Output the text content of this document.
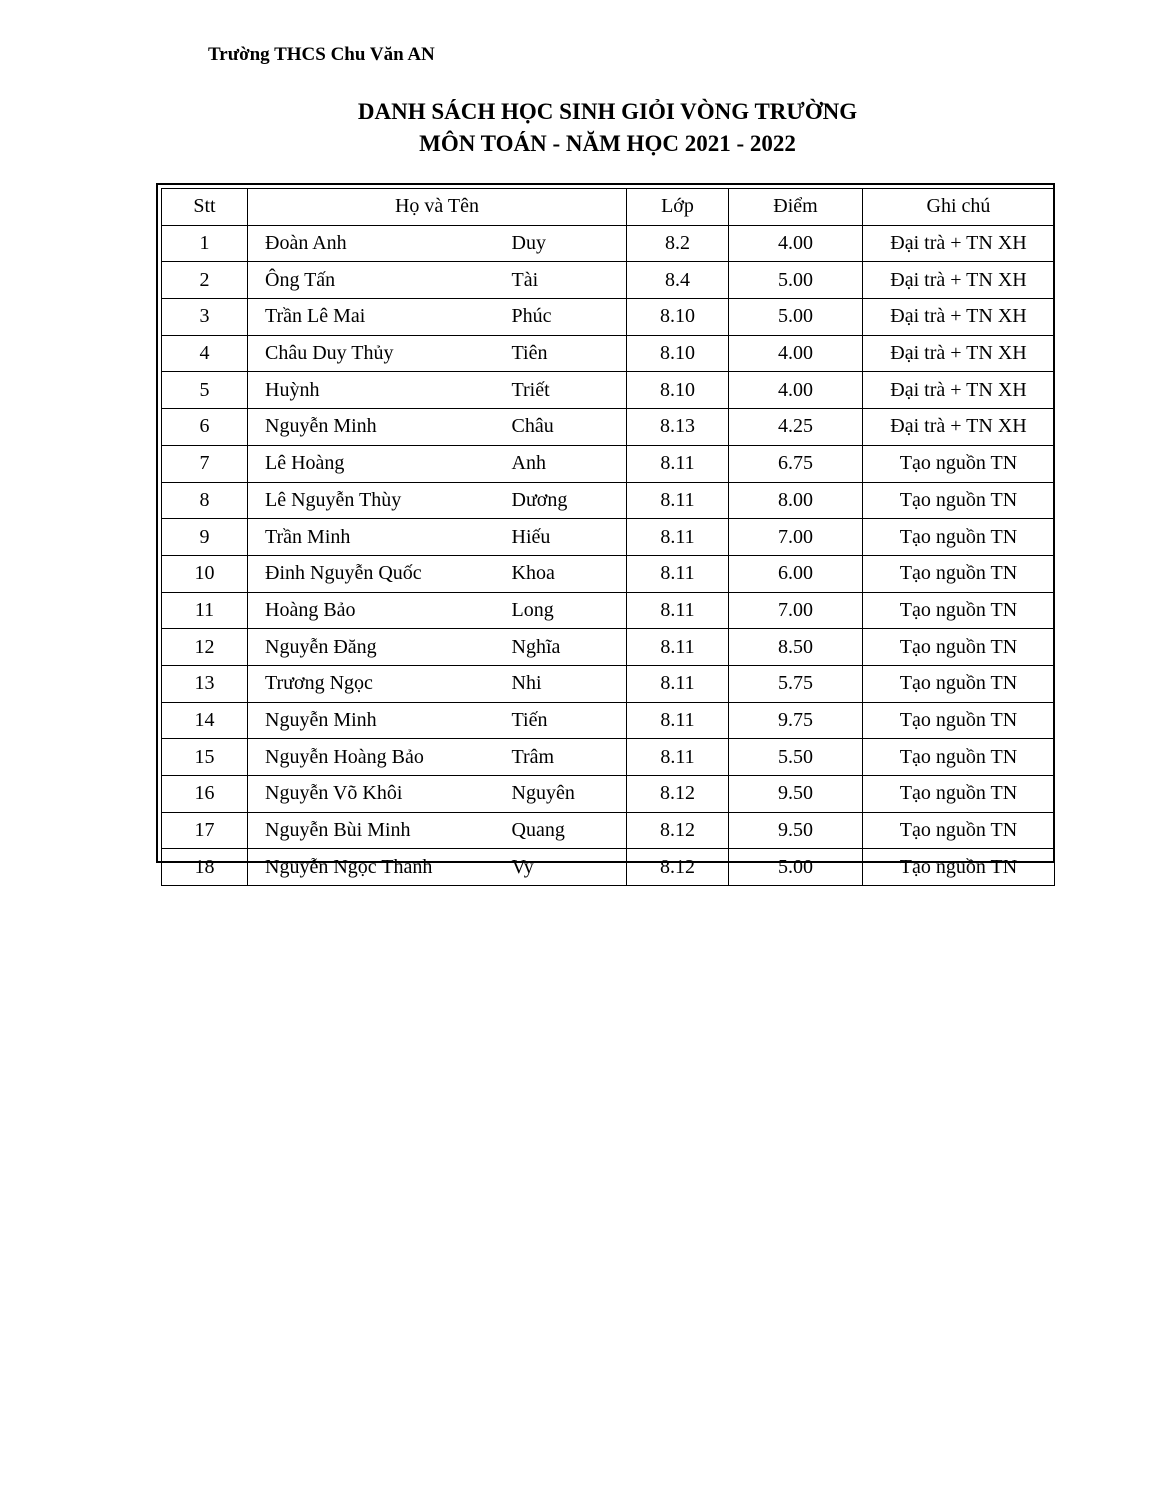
Trường THCS Chu Văn AN
DANH SÁCH HỌC SINH GIỎI VÒNG TRƯỜNG
MÔN TOÁN - NĂM HỌC 2021 - 2022
Stt	Họ và Tên		Lớp	Điểm	Ghi chú
1	Đoàn Anh	Duy	8.2	4.00	Đại trà + TN XH
2	Ông Tấn	Tài	8.4	5.00	Đại trà + TN XH
3	Trần Lê Mai	Phúc	8.10	5.00	Đại trà + TN XH
4	Châu Duy Thủy	Tiên	8.10	4.00	Đại trà + TN XH
5	Huỳnh	Triết	8.10	4.00	Đại trà + TN XH
6	Nguyễn Minh	Châu	8.13	4.25	Đại trà + TN XH
7	Lê Hoàng	Anh	8.11	6.75	Tạo nguồn TN
8	Lê Nguyễn Thùy	Dương	8.11	8.00	Tạo nguồn TN
9	Trần Minh	Hiếu	8.11	7.00	Tạo nguồn TN
10	Đinh Nguyễn Quốc	Khoa	8.11	6.00	Tạo nguồn TN
11	Hoàng Bảo	Long	8.11	7.00	Tạo nguồn TN
12	Nguyễn Đăng	Nghĩa	8.11	8.50	Tạo nguồn TN
13	Trương Ngọc	Nhi	8.11	5.75	Tạo nguồn TN
14	Nguyễn Minh	Tiến	8.11	9.75	Tạo nguồn TN
15	Nguyễn Hoàng Bảo	Trâm	8.11	5.50	Tạo nguồn TN
16	Nguyễn Võ Khôi	Nguyên	8.12	9.50	Tạo nguồn TN
17	Nguyễn Bùi Minh	Quang	8.12	9.50	Tạo nguồn TN
18	Nguyễn Ngọc Thanh	Vy	8.12	5.00	Tạo nguồn TN
